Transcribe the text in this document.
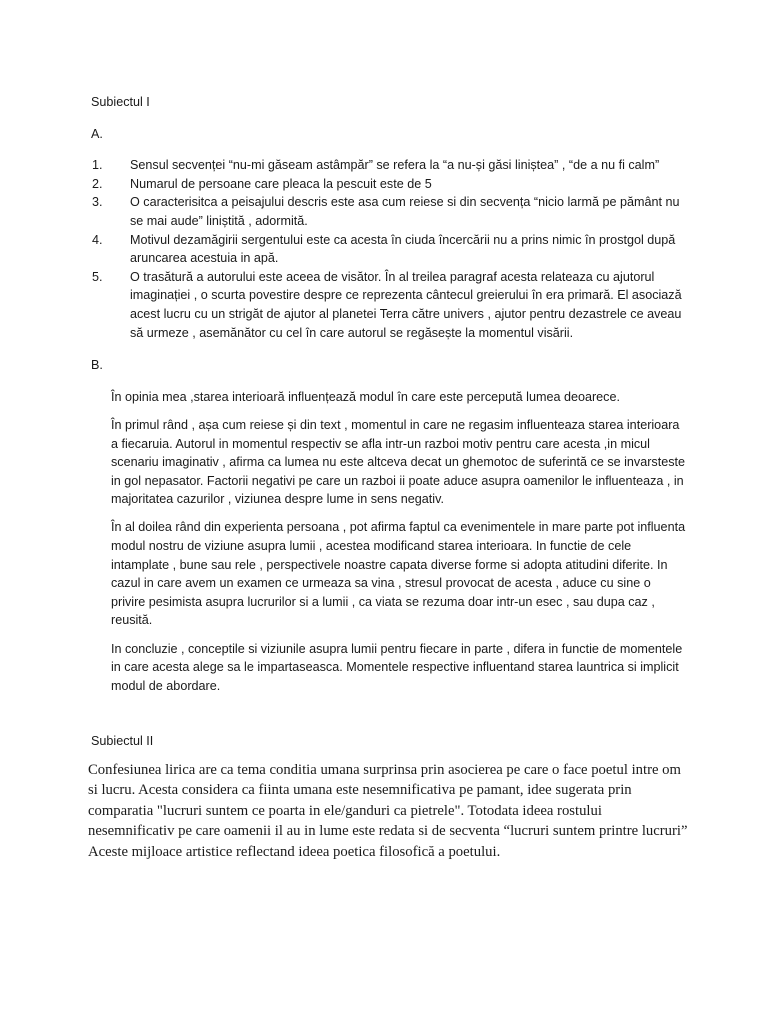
Subiectul I

A.

1.	Sensul secvenței “nu-mi găseam astâmpăr” se refera la “a nu-și găsi liniștea” , “de a nu fi calm”
2.	Numarul de persoane care pleaca la pescuit este de 5
3.	O caracterisitca a peisajului descris este asa cum reiese si din secvența “nicio larmă pe pământ nu se mai aude” liniștită , adormită.
4.	Motivul dezamăgirii sergentului este ca acesta în ciuda încercării nu a prins nimic în prostgol după aruncarea acestuia in apă.
5.	O trasătură a autorului este aceea de visător. În al treilea paragraf acesta relateaza cu ajutorul imaginației , o scurta povestire despre ce reprezenta cântecul greierului în era primară. El asociază acest lucru cu un strigăt de ajutor al planetei Terra către univers , ajutor pentru dezastrele ce aveau să urmeze , asemănător cu cel în care autorul se regăsește la momentul visării.

B.

În opinia mea ,starea interioară influențează modul în care este percepută lumea deoarece.

În primul rând , așa cum reiese și din text , momentul in care ne regasim influenteaza starea interioara a fiecaruia. Autorul in momentul respectiv se afla intr-un razboi motiv pentru care acesta ,in micul scenariu imaginativ , afirma ca lumea nu este altceva decat un ghemotoc de suferintă ce se invarsteste in gol nepasator. Factorii negativi pe care un razboi ii poate aduce asupra oamenilor le influenteaza , in majoritatea cazurilor , viziunea despre lume in sens negativ.

În al doilea rând din experienta persoana , pot afirma faptul ca evenimentele in mare parte pot influenta modul nostru de viziune asupra lumii , acestea modificand starea interioara. In functie de cele intamplate , bune sau rele , perspectivele noastre capata diverse forme si adopta atitudini diferite. In cazul in care avem un examen ce urmeaza sa vina , stresul provocat de acesta , aduce cu sine o privire pesimista asupra lucrurilor si a lumii , ca viata se rezuma doar intr-un esec , sau dupa caz , reusită.

In concluzie , conceptile si viziunile asupra lumii pentru fiecare in parte , difera in functie de momentele in care acesta alege sa le impartaseasca. Momentele respective influentand starea launtrica si implicit modul de abordare.

Subiectul II

Confesiunea lirica are ca tema conditia umana surprinsa prin asocierea pe care o face poetul intre om si lucru. Acesta considera ca fiinta umana este nesemnificativa pe pamant, idee sugerata prin comparatia "lucruri suntem ce poarta in ele/ganduri ca pietrele". Totodata ideea rostului nesemnificativ pe care oamenii il au in lume este redata si de secventa “lucruri suntem printre lucruri” Aceste mijloace artistice reflectand ideea poetica filosofică a poetului.
